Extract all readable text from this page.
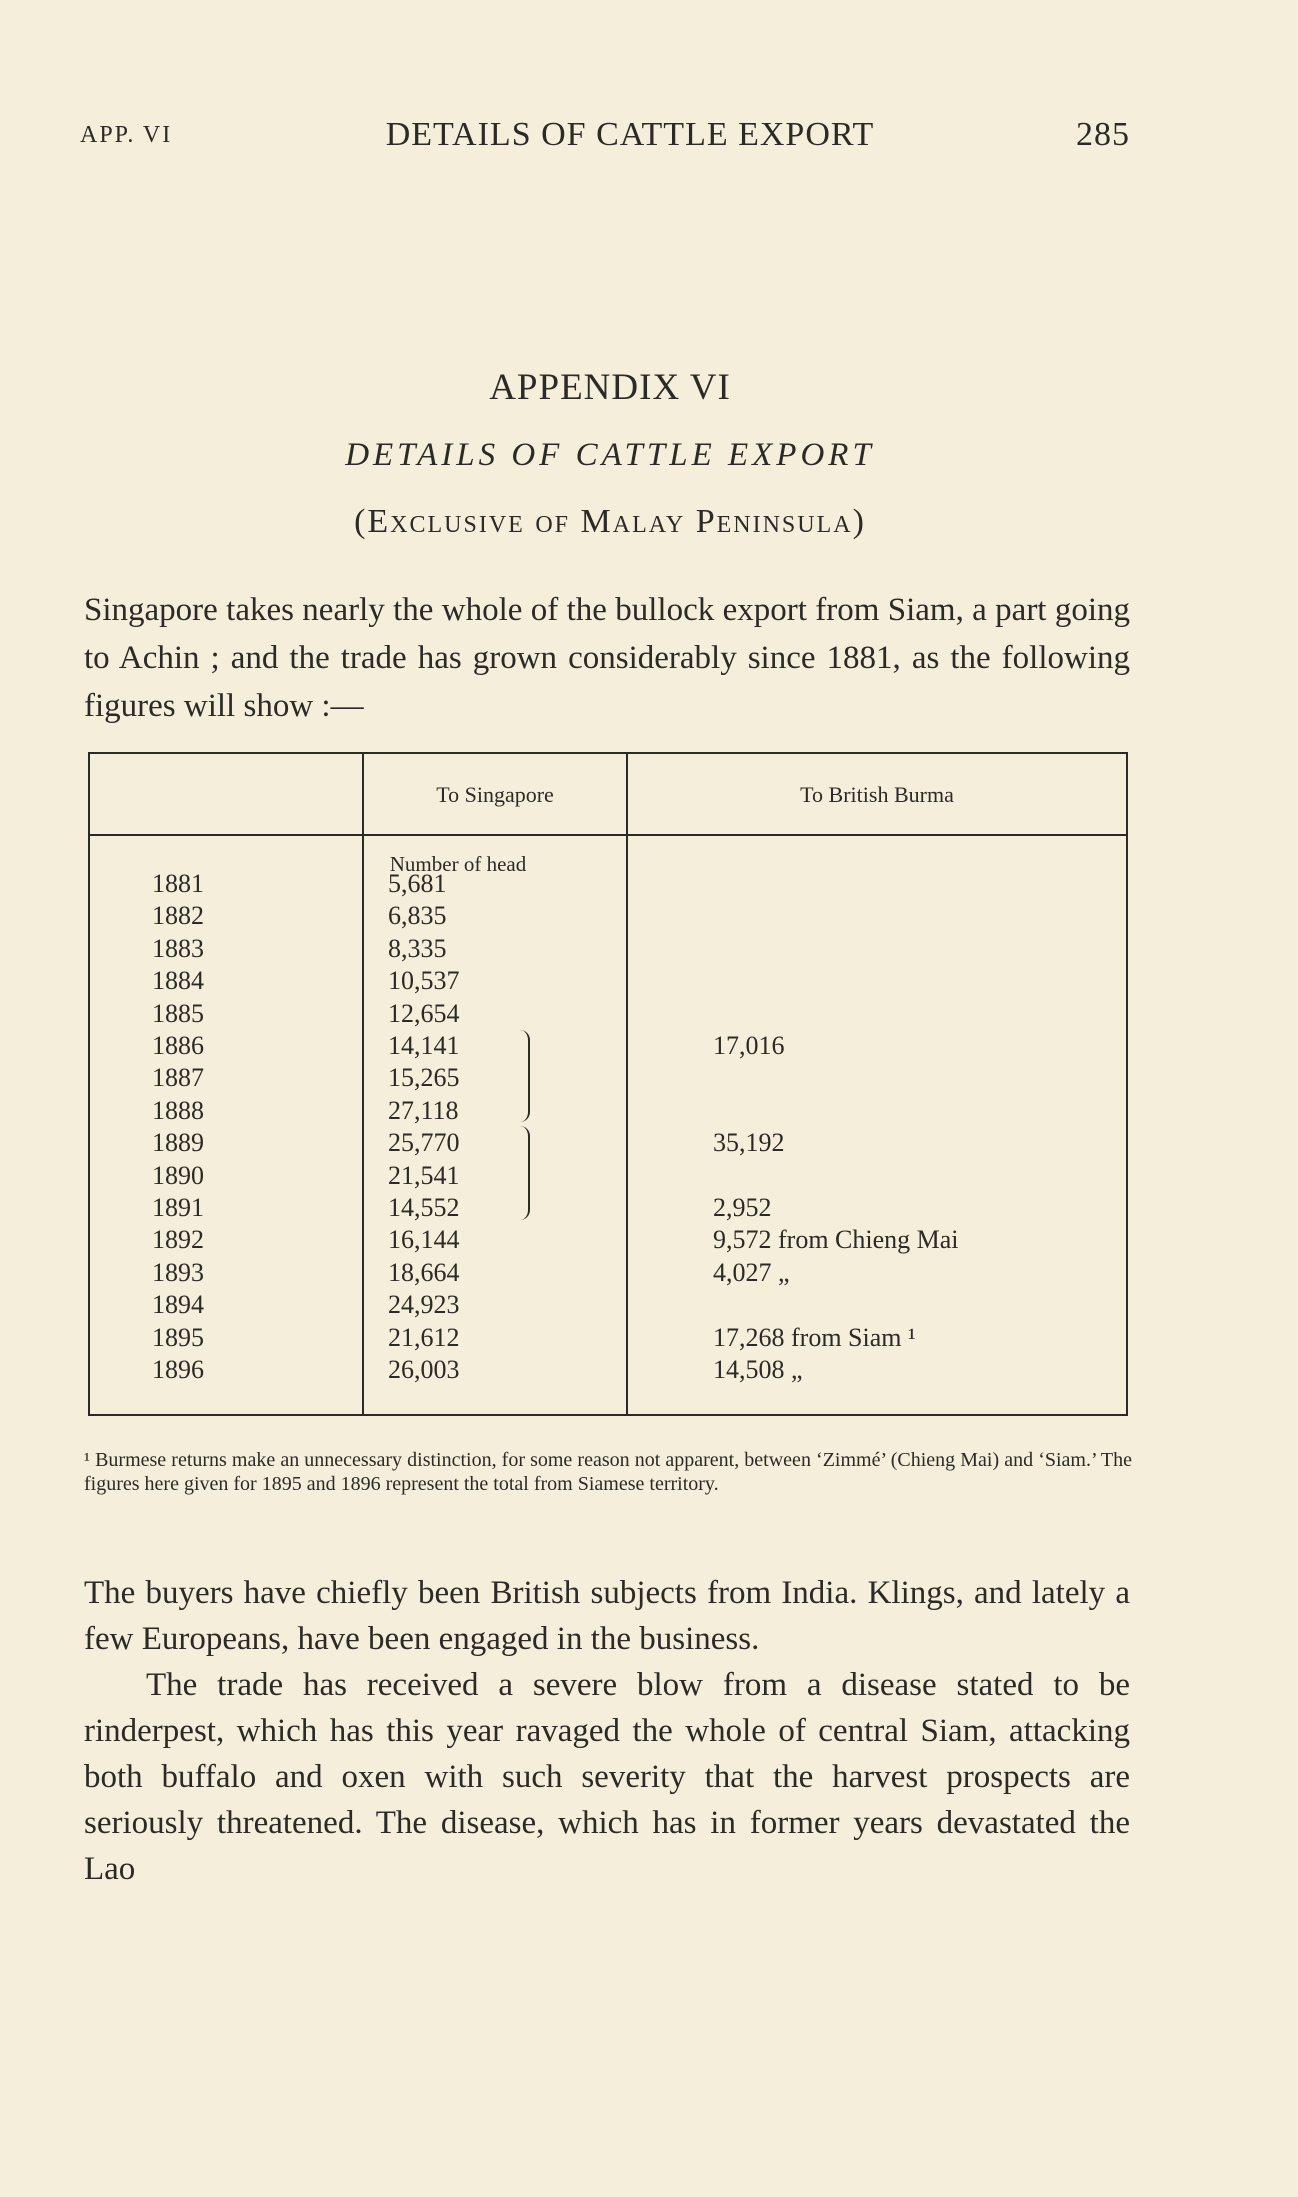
APP. VI	DETAILS OF CATTLE EXPORT	285
APPENDIX VI
DETAILS OF CATTLE EXPORT
(Exclusive of Malay Peninsula)
Singapore takes nearly the whole of the bullock export from Siam, a part going to Achin ; and the trade has grown considerably since 1881, as the following figures will show :—
To Singapore	To British Burma
Number of head
1881	5,681
1882	6,835
1883	8,335
1884	10,537
1885	12,654
1886	14,141	17,016
1887	15,265
1888	27,118
1889	25,770	35,192
1890	21,541
1891	14,552	2,952
1892	16,144	9,572 from Chieng Mai
1893	18,664	4,027 „
1894	24,923
1895	21,612	17,268 from Siam ¹
1896	26,003	14,508 „
¹ Burmese returns make an unnecessary distinction, for some reason not apparent, between ‘Zimmé’ (Chieng Mai) and ‘Siam.’ The figures here given for 1895 and 1896 represent the total from Siamese territory.

The buyers have chiefly been British subjects from India. Klings, and lately a few Europeans, have been engaged in the business.

The trade has received a severe blow from a disease stated to be rinderpest, which has this year ravaged the whole of central Siam, attacking both buffalo and oxen with such severity that the harvest prospects are seriously threatened. The disease, which has in former years devastated the Lao
